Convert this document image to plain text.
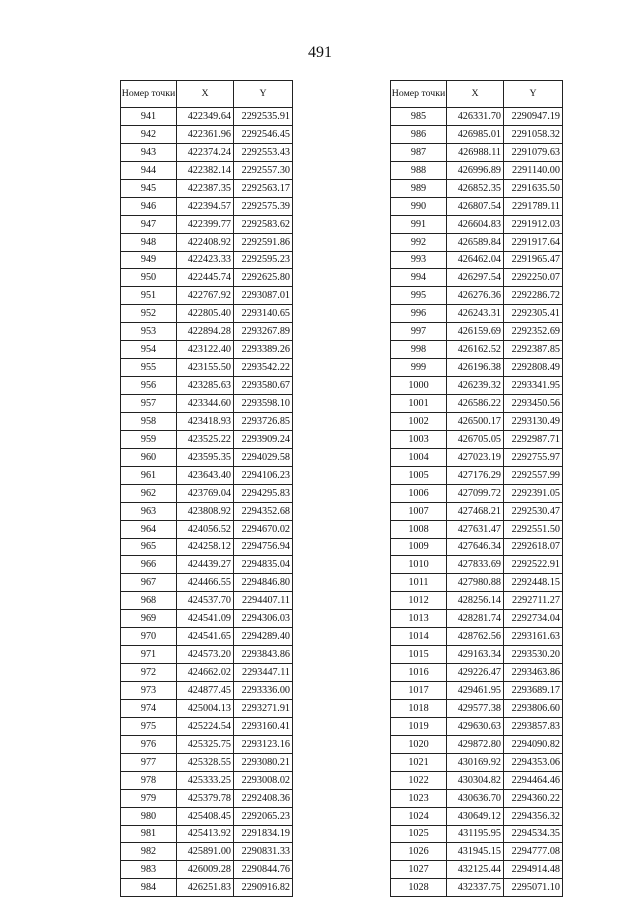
491
Номер точки	X	Y
941	422349.64	2292535.91
942	422361.96	2292546.45
943	422374.24	2292553.43
944	422382.14	2292557.30
945	422387.35	2292563.17
946	422394.57	2292575.39
947	422399.77	2292583.62
948	422408.92	2292591.86
949	422423.33	2292595.23
950	422445.74	2292625.80
951	422767.92	2293087.01
952	422805.40	2293140.65
953	422894.28	2293267.89
954	423122.40	2293389.26
955	423155.50	2293542.22
956	423285.63	2293580.67
957	423344.60	2293598.10
958	423418.93	2293726.85
959	423525.22	2293909.24
960	423595.35	2294029.58
961	423643.40	2294106.23
962	423769.04	2294295.83
963	423808.92	2294352.68
964	424056.52	2294670.02
965	424258.12	2294756.94
966	424439.27	2294835.04
967	424466.55	2294846.80
968	424537.70	2294407.11
969	424541.09	2294306.03
970	424541.65	2294289.40
971	424573.20	2293843.86
972	424662.02	2293447.11
973	424877.45	2293336.00
974	425004.13	2293271.91
975	425224.54	2293160.41
976	425325.75	2293123.16
977	425328.55	2293080.21
978	425333.25	2293008.02
979	425379.78	2292408.36
980	425408.45	2292065.23
981	425413.92	2291834.19
982	425891.00	2290831.33
983	426009.28	2290844.76
984	426251.83	2290916.82
Номер точки	X	Y
985	426331.70	2290947.19
986	426985.01	2291058.32
987	426988.11	2291079.63
988	426996.89	2291140.00
989	426852.35	2291635.50
990	426807.54	2291789.11
991	426604.83	2291912.03
992	426589.84	2291917.64
993	426462.04	2291965.47
994	426297.54	2292250.07
995	426276.36	2292286.72
996	426243.31	2292305.41
997	426159.69	2292352.69
998	426162.52	2292387.85
999	426196.38	2292808.49
1000	426239.32	2293341.95
1001	426586.22	2293450.56
1002	426500.17	2293130.49
1003	426705.05	2292987.71
1004	427023.19	2292755.97
1005	427176.29	2292557.99
1006	427099.72	2292391.05
1007	427468.21	2292530.47
1008	427631.47	2292551.50
1009	427646.34	2292618.07
1010	427833.69	2292522.91
1011	427980.88	2292448.15
1012	428256.14	2292711.27
1013	428281.74	2292734.04
1014	428762.56	2293161.63
1015	429163.34	2293530.20
1016	429226.47	2293463.86
1017	429461.95	2293689.17
1018	429577.38	2293806.60
1019	429630.63	2293857.83
1020	429872.80	2294090.82
1021	430169.92	2294353.06
1022	430304.82	2294464.46
1023	430636.70	2294360.22
1024	430649.12	2294356.32
1025	431195.95	2294534.35
1026	431945.15	2294777.08
1027	432125.44	2294914.48
1028	432337.75	2295071.10
